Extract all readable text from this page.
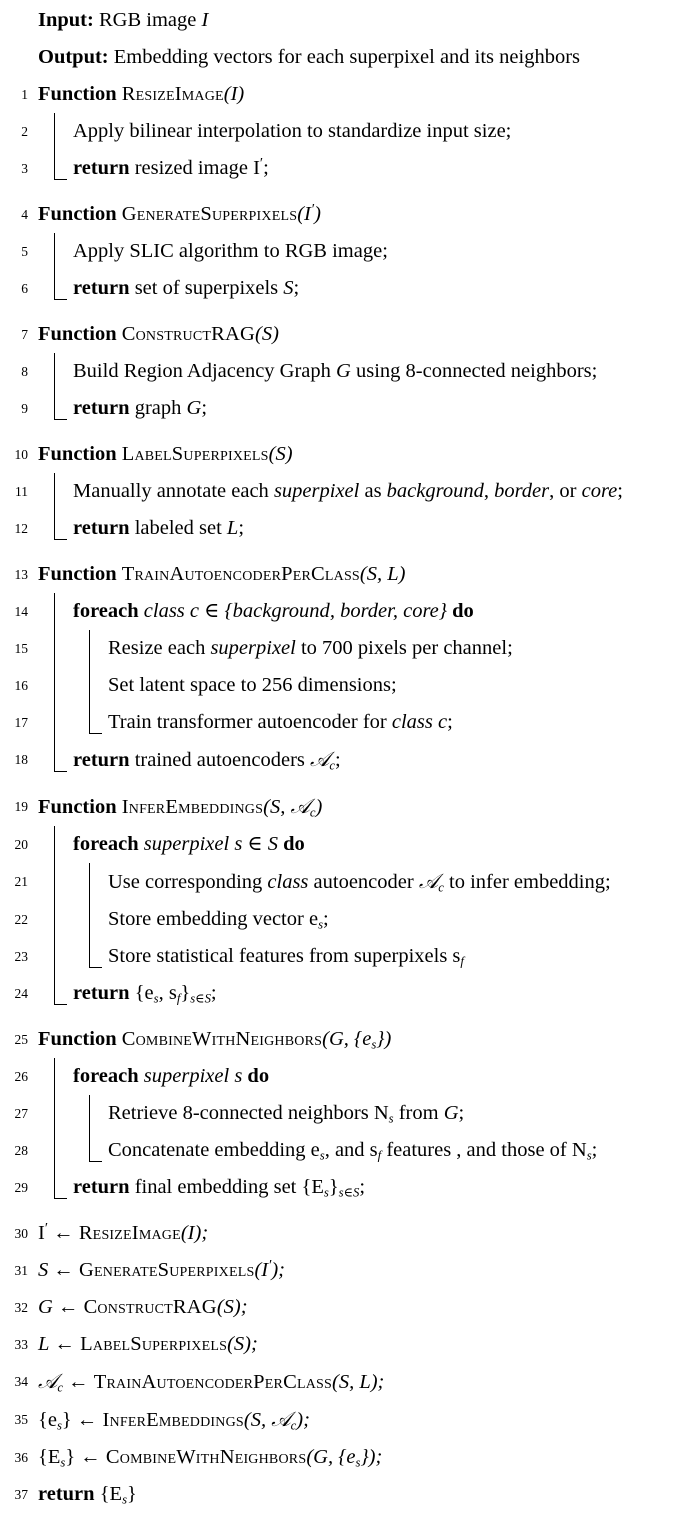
Input: RGB image I
Output: Embedding vectors for each superpixel and its neighbors
1 Function ResizeImage(I)
2	Apply bilinear interpolation to standardize input size;
3	return resized image I′;
4 Function GenerateSuperpixels(I′)
5	Apply SLIC algorithm to RGB image;
6	return set of superpixels S;
7 Function ConstructRAG(S)
8	Build Region Adjacency Graph G using 8-connected neighbors;
9	return graph G;
10 Function LabelSuperpixels(S)
11	Manually annotate each superpixel as background, border, or core;
12	return labeled set L;
13 Function TrainAutoencoderPerClass(S, L)
14	foreach class c ∈ {background, border, core} do
15	Resize each superpixel to 700 pixels per channel;
16	Set latent space to 256 dimensions;
17	Train transformer autoencoder for class c;
18	return trained autoencoders 𝒜$_c$;
19 Function InferEmbeddings(S, 𝒜$_c$)
20	foreach superpixel s ∈ S do
21	Use corresponding class autoencoder 𝒜$_c$ to infer embedding;
22	Store embedding vector $e_s$;
23	Store statistical features from superpixels $s_f$
24	return {$e_s$, $s_f\}_{s\in S}$;
25 Function CombineWithNeighbors(G, $\{e_s\}$)
26	foreach superpixel s do
27	Retrieve 8-connected neighbors $N_s$ from G;
28	Concatenate embedding $e_s$, and $s_f$ features , and those of $N_s$;
29	return final embedding set $\{E_s\}_{s\in S}$;
30 I′ ← ResizeImage(I);
31 S ← GenerateSuperpixels(I′);
32 G ← ConstructRAG(S);
33 L ← LabelSuperpixels(S);
34 𝒜$_c$ ← TrainAutoencoderPerClass(S, L);
35 $\{e_s\}$ ← InferEmbeddings(S, 𝒜$_c$);
36 $\{E_s\}$ ← CombineWithNeighbors(G, $\{e_s\}$);
37 return $\{E_s\}$
